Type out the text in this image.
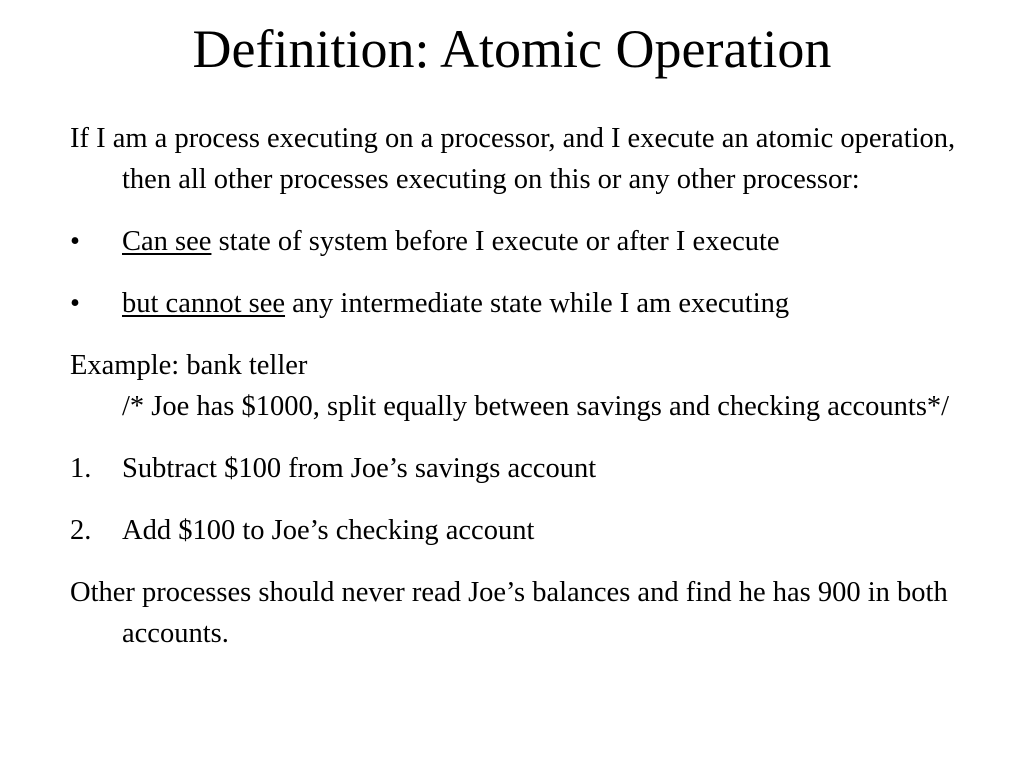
Definition: Atomic Operation

If I am a process executing on a processor, and I execute an atomic operation, then all other processes executing on this or any other processor:

•	Can see state of system before I execute or after I execute
•	but cannot see any intermediate state while I am executing
Example: bank teller
/* Joe has $1000, split equally between savings and checking accounts*/
1.	Subtract $100 from Joe’s savings account
2.	Add $100 to Joe’s checking account

Other processes should never read Joe’s balances and find he has 900 in both accounts.
